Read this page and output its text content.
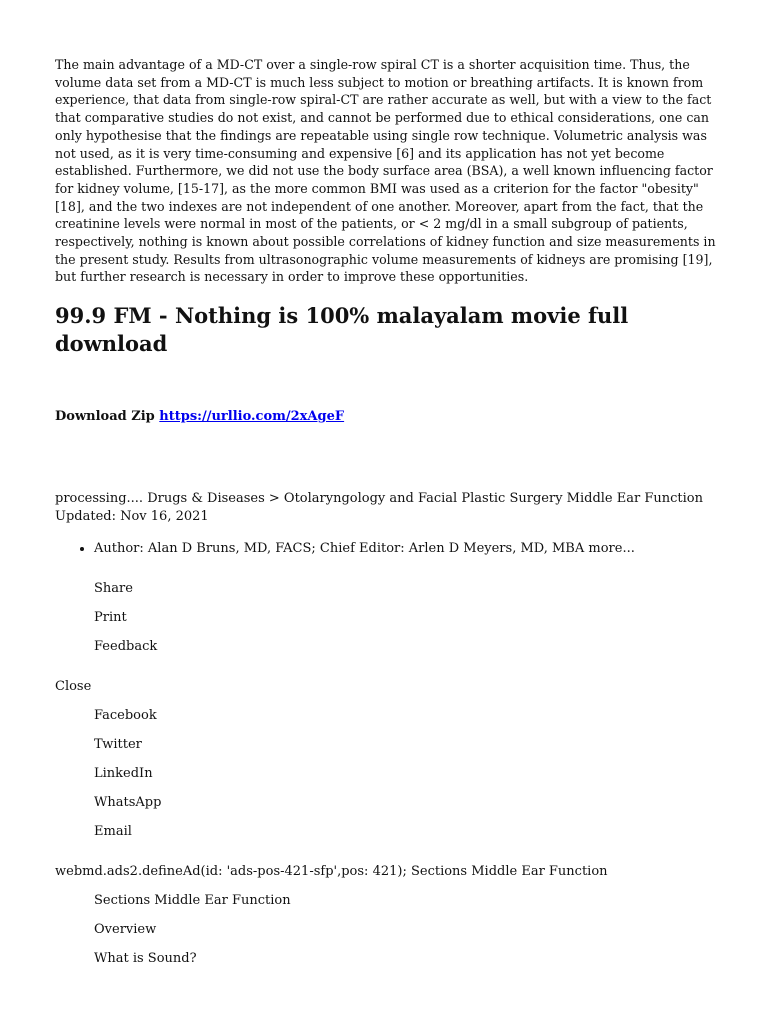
The main advantage of a MD-CT over a single-row spiral CT is a shorter acquisition time. Thus, the volume data set from a MD-CT is much less subject to motion or breathing artifacts. It is known from experience, that data from single-row spiral-CT are rather accurate as well, but with a view to the fact that comparative studies do not exist, and cannot be performed due to ethical considerations, one can only hypothesise that the findings are repeatable using single row technique. Volumetric analysis was not used, as it is very time-consuming and expensive [6] and its application has not yet become established. Furthermore, we did not use the body surface area (BSA), a well known influencing factor for kidney volume, [15-17], as the more common BMI was used as a criterion for the factor "obesity" [18], and the two indexes are not independent of one another. Moreover, apart from the fact, that the creatinine levels were normal in most of the patients, or < 2 mg/dl in a small subgroup of patients, respectively, nothing is known about possible correlations of kidney function and size measurements in the present study. Results from ultrasonographic volume measurements of kidneys are promising [19], but further research is necessary in order to improve these opportunities.

99.9 FM - Nothing is 100% malayalam movie full download

Download Zip https://urllio.com/2xAgeF

processing.... Drugs & Diseases > Otolaryngology and Facial Plastic Surgery Middle Ear Function
Updated: Nov 16, 2021

• Author: Alan D Bruns, MD, FACS; Chief Editor: Arlen D Meyers, MD, MBA more...

Share

Print

Feedback

Close

Facebook

Twitter

LinkedIn

WhatsApp

Email

webmd.ads2.defineAd(id: 'ads-pos-421-sfp',pos: 421); Sections Middle Ear Function

Sections Middle Ear Function

Overview

What is Sound?
